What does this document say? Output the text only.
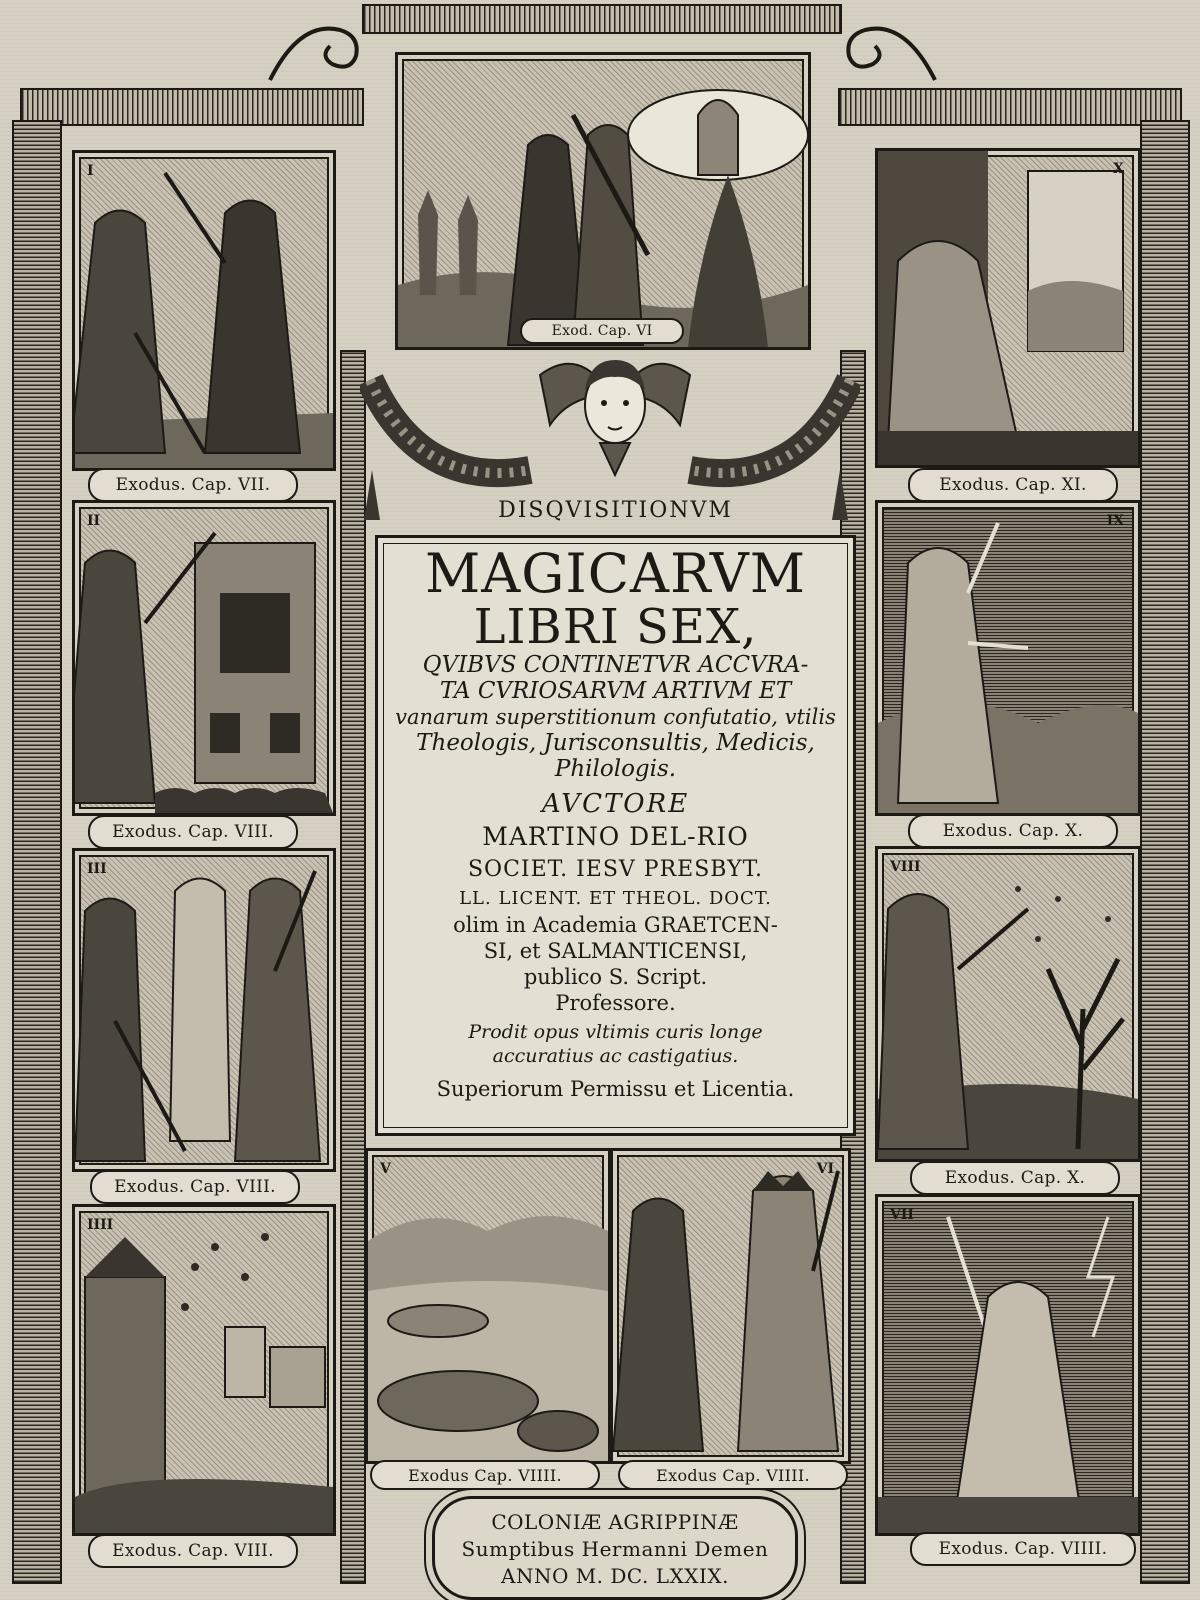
Exod. Cap. VI
I
Exodus. Cap. VII.
II
Exodus. Cap. VIII.
III
Exodus. Cap. VIII.
IIII
Exodus. Cap. VIII.
X
Exodus. Cap. XI.
IX
Exodus. Cap. X.
VIII
Exodus. Cap. X.
VII
Exodus. Cap. VIIII.
V	VI
Exodus Cap. VIIII.	Exodus Cap. VIIII.
DISQVISITIONVM
MAGICARVM
LIBRI SEX,
QVIBVS CONTINETVR ACCVRA-
TA CVRIOSARVM ARTIVM ET
vanarum superstitionum confutatio, vtilis
Theologis, Jurisconsultis, Medicis,
Philologis.
AVCTORE
MARTINO DEL-RIO
SOCIET. IESV PRESBYT.
LL. LICENT. ET THEOL. DOCT.
olim in Academia GRAETCEN-
SI, et SALMANTICENSI,
publico S. Script.
Professore.
Prodit opus vltimis curis longe
accuratius ac castigatius.
Superiorum Permissu et Licentia.
COLONIÆ AGRIPPINÆ
Sumptibus Hermanni Demen
ANNO M. DC. LXXIX.
